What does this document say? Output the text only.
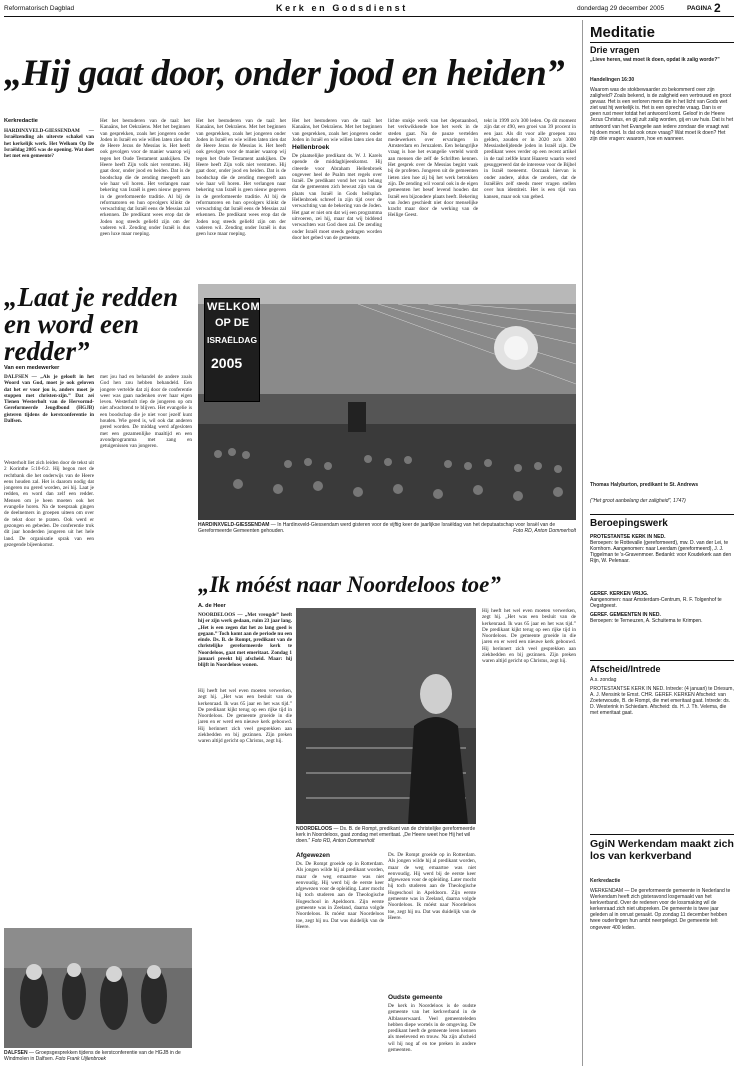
Reformatorisch Dagblad	Kerk en Godsdienst	donderdag 29 december 2005	PAGINA 2
„Hij gaat door, onder jood en heiden”
Kerkredactie
HARDINXVELD-GIESSENDAM — Israëlzending als uiterste schakel van het kerkelijk werk. Het Welkom Op De Israëldag 2005 was de opening. Wat doet het met een gemeente?
Het het bestuderen van de taal: het Kanaäns, het Oekraïens. Met het beginnen van gesprekken, zoals het jongeren onder Joden in Israël en wie willen laten zien dat de Heere Jezus de Messias is. Het heeft ook gevolgen voor de manier waarop wij tegen het Oude Testament aankijken. De Heere heeft Zijn volk niet verstoten. Hij gaat door, onder jood en heiden. Dat is de boodschap die de zending meegeeft aan wie haar wil horen. Het verlangen naar bekering van Israël is geen nieuw gegeven in de gereformeerde traditie. Al bij de reformatoren en hun opvolgers klinkt de verwachting dat Israël eens de Messias zal erkennen. De predikant wees erop dat de Joden nog steeds geliefd zijn om der vaderen wil. Zending onder Israël is dus geen luxe maar roeping.
Het het bestuderen van de taal: het Kanaäns, het Oekraïens. Met het beginnen van gesprekken, zoals het jongeren onder Joden in Israël en wie willen laten zien dat de Heere Jezus de Messias is. Het heeft ook gevolgen voor de manier waarop wij tegen het Oude Testament aankijken. De Heere heeft Zijn volk niet verstoten. Hij gaat door, onder jood en heiden. Dat is de boodschap die de zending meegeeft aan wie haar wil horen. Het verlangen naar bekering van Israël is geen nieuw gegeven in de gereformeerde traditie. Al bij de reformatoren en hun opvolgers klinkt de verwachting dat Israël eens de Messias zal erkennen. De predikant wees erop dat de Joden nog steeds geliefd zijn om der vaderen wil. Zending onder Israël is dus geen luxe maar roeping.
Het het bestuderen van de taal: het Kanaäns, het Oekraïens. Met het beginnen van gesprekken, zoals het jongeren onder Joden in Israël en wie willen laten zien dat
Hellenbroek
De plaatselijke predikant ds. W. J. Karels opende de middagbijeenkomst. Hij citeerde voor Abraham Hellenbroek ongeveer heel de Psalm met regels over Israël. De predikant vond het van belang dat de gemeenten zich bewust zijn van de plaats van Israël in Gods heilsplan. Hellenbroek schreef in zijn tijd over de verwachting van de bekering van de Joden. Het gaat er niet om dat wij een programma uitvoeren, zei hij, maar dat wij biddend verwachten wat God doen zal. De zending onder Israël moet steeds gedragen worden door het gebed van de gemeente.
lichte stukje werk van het depotaanbod, het verkwikkende hoe het werk in de steden gaat. Na de pauze vertelden medewerkers over ervaringen in Amsterdam en Jeruzalem. Een belangrijke vraag is hoe het evangelie verteld wordt aan mensen die zelf de Schriften kennen. Het gesprek over de Messias begint vaak bij de profeten. Jongeren uit de gemeenten lieten zien hoe zij bij het werk betrokken zijn. De zending wil vooral ook in de eigen gemeenten het besef levend houden dat Israël een bijzondere plaats heeft. Bekering van Joden geschiedt niet door menselijke kracht maar door de werking van de Heilige Geest.
tekt in 1999 zo'n 300 leden. Op dit moment zijn dat er 490, een groei van 39 procent in een jaar. Als dit voor alle groepen zou gelden, zouden er in 2020 zo'n 3000 Messiasbelijdende joden in Israël zijn. De predikant wees verder op een recent artikel in de taal zelfde krant Haaretz waarin werd gesuggereerd dat de interesse voor de Bijbel in Israël toeneemt. Oorzaak hiervan is onder andere, aldus de zenders, dat de Israëliërs zelf steeds meer vragen stellen over hun identiteit. Het is een tijd van kansen, maar ook van gebed.
„Laat je redden en word een redder”
Van een medewerker
DALFSEN — „Als je gelooft in het Woord van God, moet je ook geloven dat het er voor jou is, anders moet je stoppen met christen-zijn.” Dat zei Tienen Westerholt van de Hervormd-Gereformeerde Jeugdbond (HGJB) gisteren tijdens de kerstconferentie in Dalfsen.
Westerholt liet zich leiden door de tekst uit 2 Korinthe 5:10-6:2. Hij begon met de rechtbank die het onderwijs van de Heere eens houden zal. Het is daarom nodig dat jongeren nu gered worden, zei hij. Laat je redden, en word dan zelf een redder. Mensen om je heen moeten ook het evangelie horen. Na de toespraak gingen de deelnemers in groepen uiteen om over de tekst door te praten. Ook werd er gezongen en gebeden. De conferentie trok dit jaar honderden jongeren uit het hele land. De organisatie sprak van een gezegende bijeenkomst.
met jou had en behandel de andere zoals God hen zou hebben behandeld. Een jongere vertelde dat zij door de conferentie weer was gaan nadenken over haar eigen leven. Westerholt riep de jongeren op om niet afwachtend te blijven. Het evangelie is een boodschap die je niet voor jezelf kunt houden. Wie gered is, wil ook dat anderen gered worden. De middag werd afgesloten met een gezamenlijke maaltijd en een avondprogramma met zang en getuigenissen van jongeren.
WELKOM
OP DE
ISRAËLDAG
2005
HARDINXVELD-GIESSENDAM — In Hardinxveld-Giessendam werd gisteren voor de vijftig keer de jaarlijkse Israëldag van het deputaatschap voor Israël van de Gereformeerde Gemeenten gehouden.	Foto RD, Anton Dommerholt
„Ik móést naar Noordeloos toe”
A. de Heer
NOORDELOOS — „Met vreugde” heeft hij er zijn werk gedaan, ruim 23 jaar lang. „Het is een zegen dat het zo lang goed is gegaan.” Toch komt aan de periode nu een einde. Ds. B. de Rompt, predikant van de christelijke gereformeerde kerk te Noordeloos, gaat met emeritaat. Zondag 1 januari preekt hij afscheid. Maar: hij blijft in Noordeloos wonen.
Hij heeft het wel even moeten verwerken, zegt hij. „Het was een besluit van de kerkenraad. Ik was 65 jaar en het was tijd.” De predikant kijkt terug op een rijke tijd in Noordeloos. De gemeente groeide in die jaren en er werd een nieuwe kerk gebouwd. Hij herinnert zich veel gesprekken aan ziekbedden en bij gezinnen. Zijn preken waren altijd gericht op Christus, zegt hij.
NOORDELOOS — Ds. B. de Rompt, predikant van de christelijke gereformeerde kerk in Noordeloos, gaat zondag met emeritaat. „De Heere weet hoe Hij het wil doen.” Foto RD, Anton Dommerholt
Afgewezen
Ds. De Rompt groeide op in Rotterdam. Als jongen wilde hij al predikant worden, maar de weg ernaartoe was niet eenvoudig. Hij werd bij de eerste keer afgewezen voor de opleiding. Later mocht hij toch studeren aan de Theologische Hogeschool in Apeldoorn. Zijn eerste gemeente was in Zeeland, daarna volgde Noordeloos. Ik móést naar Noordeloos toe, zegt hij nu. Dat was duidelijk van de Heere.
Ds. De Rompt groeide op in Rotterdam. Als jongen wilde hij al predikant worden, maar de weg ernaartoe was niet eenvoudig. Hij werd bij de eerste keer afgewezen voor de opleiding. Later mocht hij toch studeren aan de Theologische Hogeschool in Apeldoorn. Zijn eerste gemeente was in Zeeland, daarna volgde Noordeloos. Ik móést naar Noordeloos toe, zegt hij nu. Dat was duidelijk van de Heere.
Oudste gemeente
De kerk in Noordeloos is de oudste gemeente van het kerkverband in de Alblasserwaard. Veel gemeenteleden hebben diepe wortels in de omgeving. De predikant heeft de gemeente leren kennen als meelevend en trouw. Na zijn afscheid wil hij nog af en toe preken in andere gemeenten.
Hij heeft het wel even moeten verwerken, zegt hij. „Het was een besluit van de kerkenraad. Ik was 65 jaar en het was tijd.” De predikant kijkt terug op een rijke tijd in Noordeloos. De gemeente groeide in die jaren en er werd een nieuwe kerk gebouwd. Hij herinnert zich veel gesprekken aan ziekbedden en bij gezinnen. Zijn preken waren altijd gericht op Christus, zegt hij.
DALFSEN — Groepsgesprekken tijdens de kerstconferentie van de HGJB in de Windmolen in Dalfsen. Foto Frank Uijlenbroek
Meditatie
Drie vragen
„Lieve heren, wat moet ik doen, opdat ik zalig worde?”
Handelingen 16:30
Waarom was de stokbewaarder zo bekommerd over zijn zaligheid? Zoals bekend, is de zaligheid een vertrouwd en groot gevaar. Het is een verloren mens die in het licht van Gods wet ziet wat hij werkelijk is. Het is een oprechte vraag. Dan is er geen rust meer totdat het antwoord komt. Geloof in de Heere Jezus Christus, en gij zult zalig worden, gij en uw huis. Dat is het antwoord van het Evangelie aan iedere zondaar die vraagt wat hij doen moet. Is dat ook onze vraag? Wat moet ik doen? Het zijn drie vragen: waarom, hoe en wanneer.
Thomas Halyburton, predikant te St. Andrews
("Het groot aanbelang der zaligheid", 1747)
Beroepingswerk
PROTESTANTSE KERK IN NED.
Beroepen: te Rottevalle (gereformeerd), mw. D. van der Lei, te Kornhorn. Aangenomen: naar Leerdam (gereformeerd), J. J. Tiggelman te 's-Gravenmoer. Bedankt: voor Koudekerk aan den Rijn, W. Pelenaar.
GEREF. KERKEN VRIJG.
Aangenomen: naar Amsterdam-Centrum, R. F. Tolgenhof te Oegstgeest.
GEREF. GEMEENTEN IN NED.
Beroepen: te Terneuzen, A. Schuitema te Krimpen.
Afscheid/Intrede
A.s. zondag
PROTESTANTSE KERK IN NED. Intrede: (4 januari) te Driesum, A. J. Mensink te Emst. CHR. GEREF. KERKEN Afscheid: van Zoeterwoude, B. de Rompt, die met emeritaat gaat. Intrede: ds. D. Westerink in Schiedam. Afscheid: ds. H. J. Th. Velema, die met emeritaat gaat.
GgiN Werkendam maakt zich los van kerkverband
Kerkredactie
WERKENDAM — De gereformeerde gemeente in Nederland te Werkendam heeft zich gisteravond losgemaakt van het kerkverband. Over de redenen voor de lossmaking wil de kerkenraad zich niet uitspreken. De gemeente is twee jaar geleden al in onrust geraakt. Op zondag 11 december hebben twee ouderlingen hun ambt neergelegd. De gemeente telt ongeveer 400 leden.
